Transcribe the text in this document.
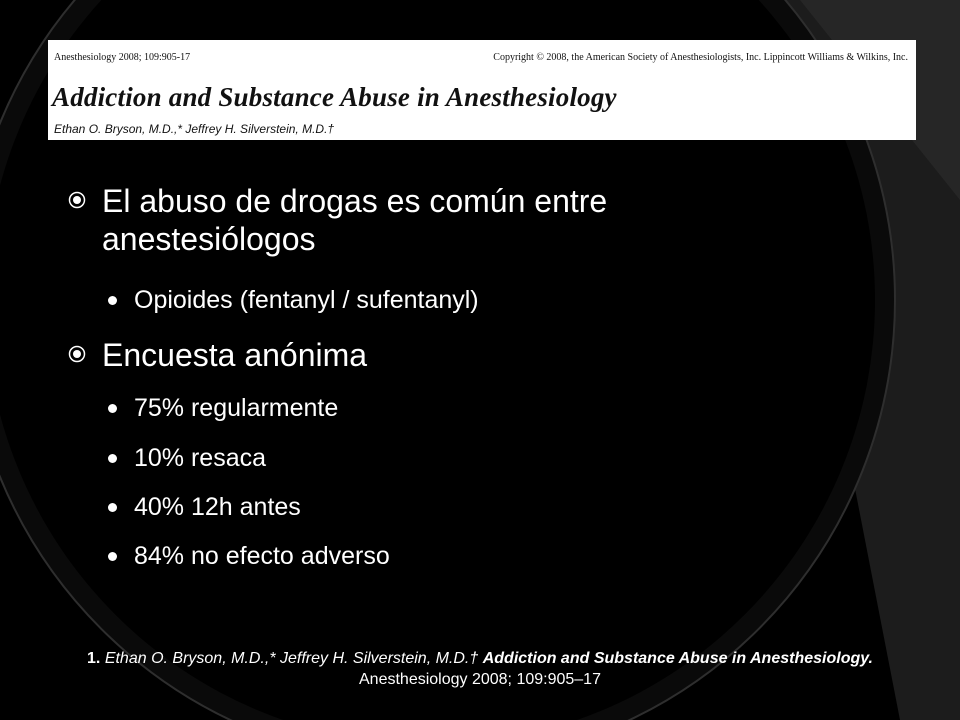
Anesthesiology 2008; 109:905-17	Copyright © 2008, the American Society of Anesthesiologists, Inc. Lippincott Williams & Wilkins, Inc.
Addiction and Substance Abuse in Anesthesiology
Ethan O. Bryson, M.D.,* Jeffrey H. Silverstein, M.D.†
El abuso de drogas es común entre anestesiólogos
Opioides (fentanyl / sufentanyl)
Encuesta anónima
75% regularmente
10% resaca
40% 12h antes
84% no efecto adverso
1. Ethan O. Bryson, M.D.,* Jeffrey H. Silverstein, M.D.† Addiction and Substance Abuse in Anesthesiology. Anesthesiology 2008; 109:905–17
